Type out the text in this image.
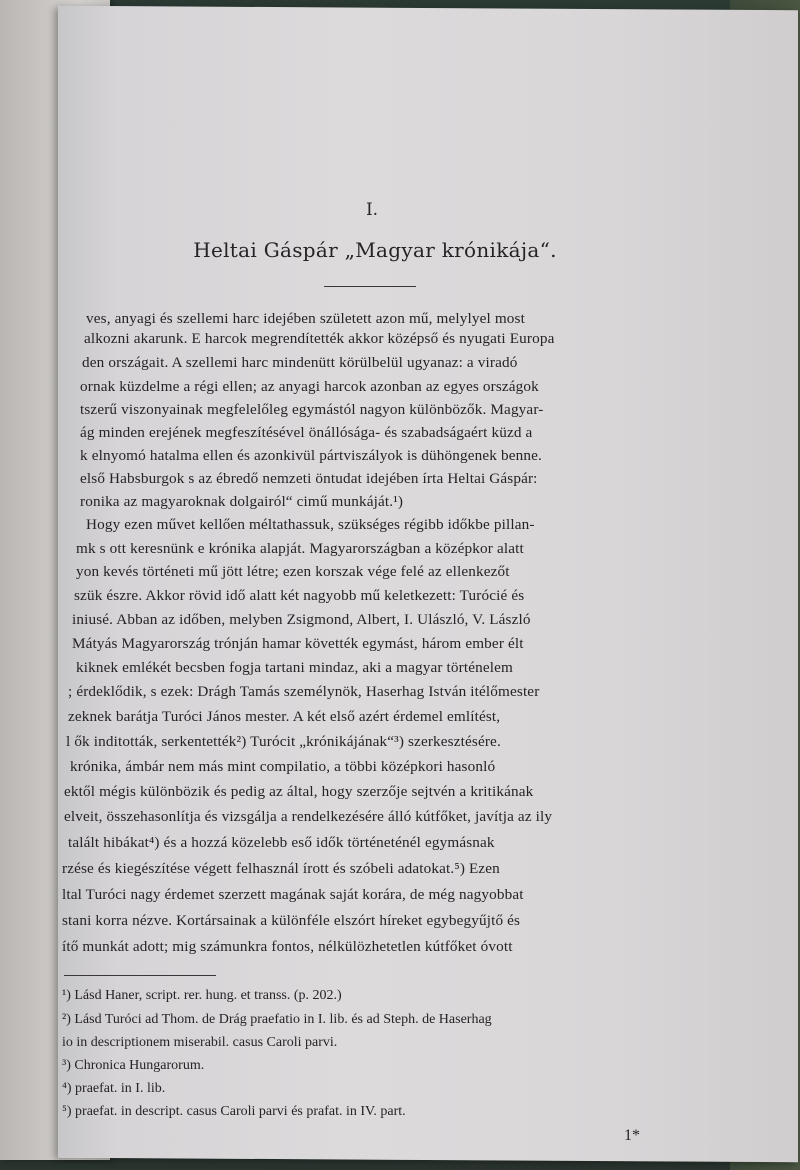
I.
Heltai Gáspár „Magyar krónikája“.
ves, anyagi és szellemi harc idejében született azon mű, melylyel most
alkozni akarunk. E harcok megrendítették akkor középső és nyugati Europa
den országait. A szellemi harc mindenütt körülbelül ugyanaz: a viradó
ornak küzdelme a régi ellen; az anyagi harcok azonban az egyes országok
tszerű viszonyainak megfelelőleg egymástól nagyon különbözők. Magyar-
ág minden erejének megfeszítésével önállósága- és szabadságaért küzd a
k elnyomó hatalma ellen és azonkivül pártviszályok is dühöngenek benne.
első Habsburgok s az ébredő nemzeti öntudat idejében írta Heltai Gáspár:
ronika az magyaroknak dolgairól“ cimű munkáját.¹)
Hogy ezen művet kellően méltathassuk, szükséges régibb időkbe pillan-
mk s ott keresnünk e krónika alapját. Magyarországban a középkor alatt
yon kevés történeti mű jött létre; ezen korszak vége felé az ellenkezőt
szük észre. Akkor rövid idő alatt két nagyobb mű keletkezett: Turócié és
iniusé. Abban az időben, melyben Zsigmond, Albert, I. Ulászló, V. László
Mátyás Magyarország trónján hamar követték egymást, három ember élt
kiknek emlékét becsben fogja tartani mindaz, aki a magyar történelem
; érdeklődik, s ezek: Drágh Tamás személynök, Haserhag István itélőmester
zeknek barátja Turóci János mester. A két első azért érdemel említést,
l ők inditották, serkentették²) Turócit „krónikájának“³) szerkesztésére.
krónika, ámbár nem más mint compilatio, a többi középkori hasonló
ektől mégis különbözik és pedig az által, hogy szerzője sejtvén a kritikának
elveit, összehasonlítja és vizsgálja a rendelkezésére álló kútfőket, javítja az ily
talált hibákat⁴) és a hozzá közelebb eső idők történeténél egymásnak
rzése és kiegészítése végett felhasznál írott és szóbeli adatokat.⁵) Ezen
ltal Turóci nagy érdemet szerzett magának saját korára, de még nagyobbat
stani korra nézve. Kortársainak a különféle elszórt híreket egybegyűjtő és
ítő munkát adott; mig számunkra fontos, nélkülözhetetlen kútfőket óvott
¹) Lásd Haner, script. rer. hung. et transs. (p. 202.)
²) Lásd Turóci ad Thom. de Drág praefatio in I. lib. és ad Steph. de Haserhag
io in descriptionem miserabil. casus Caroli parvi.
³) Chronica Hungarorum.
⁴) praefat. in I. lib.
⁵) praefat. in descript. casus Caroli parvi és prafat. in IV. part.
1*
